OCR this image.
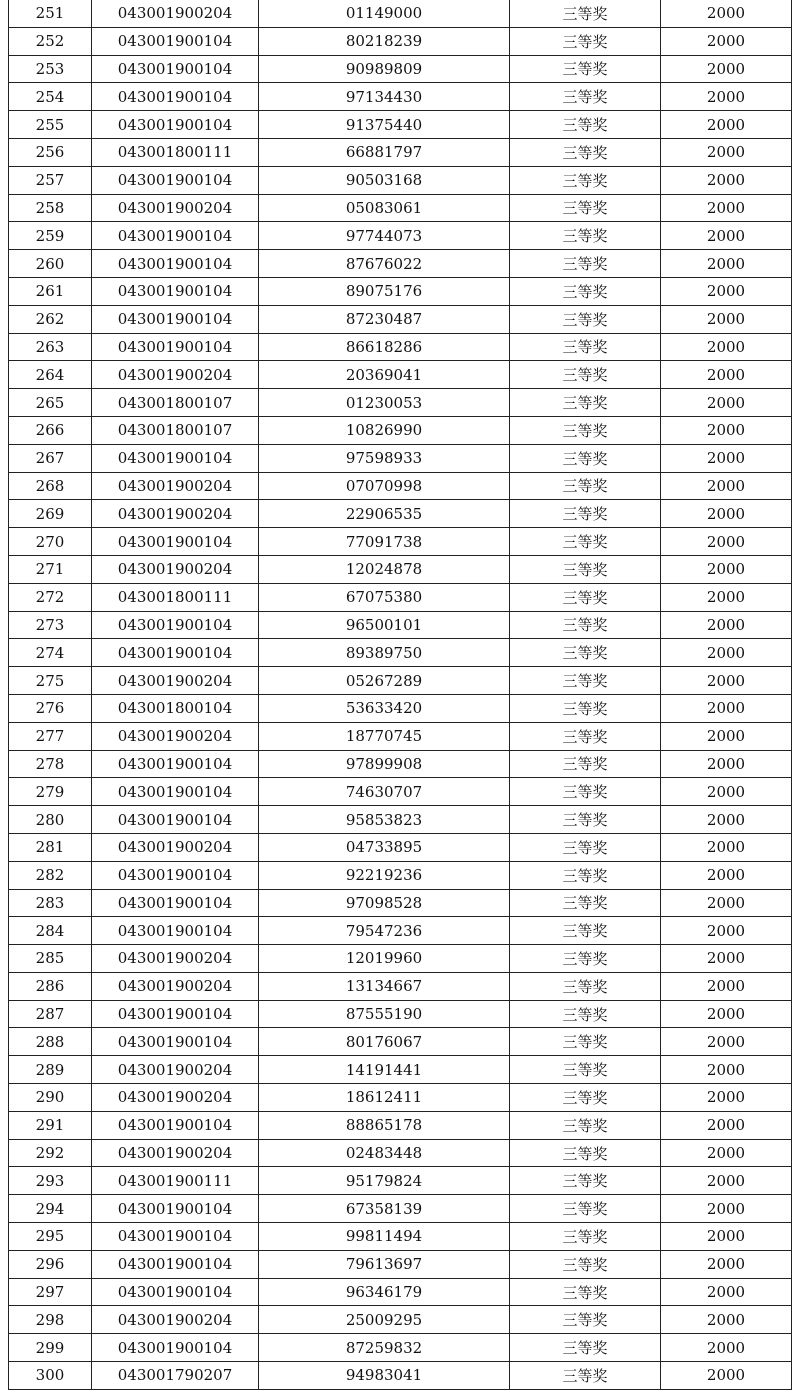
251	043001900204	01149000	三等奖	2000
252	043001900104	80218239	三等奖	2000
253	043001900104	90989809	三等奖	2000
254	043001900104	97134430	三等奖	2000
255	043001900104	91375440	三等奖	2000
256	043001800111	66881797	三等奖	2000
257	043001900104	90503168	三等奖	2000
258	043001900204	05083061	三等奖	2000
259	043001900104	97744073	三等奖	2000
260	043001900104	87676022	三等奖	2000
261	043001900104	89075176	三等奖	2000
262	043001900104	87230487	三等奖	2000
263	043001900104	86618286	三等奖	2000
264	043001900204	20369041	三等奖	2000
265	043001800107	01230053	三等奖	2000
266	043001800107	10826990	三等奖	2000
267	043001900104	97598933	三等奖	2000
268	043001900204	07070998	三等奖	2000
269	043001900204	22906535	三等奖	2000
270	043001900104	77091738	三等奖	2000
271	043001900204	12024878	三等奖	2000
272	043001800111	67075380	三等奖	2000
273	043001900104	96500101	三等奖	2000
274	043001900104	89389750	三等奖	2000
275	043001900204	05267289	三等奖	2000
276	043001800104	53633420	三等奖	2000
277	043001900204	18770745	三等奖	2000
278	043001900104	97899908	三等奖	2000
279	043001900104	74630707	三等奖	2000
280	043001900104	95853823	三等奖	2000
281	043001900204	04733895	三等奖	2000
282	043001900104	92219236	三等奖	2000
283	043001900104	97098528	三等奖	2000
284	043001900104	79547236	三等奖	2000
285	043001900204	12019960	三等奖	2000
286	043001900204	13134667	三等奖	2000
287	043001900104	87555190	三等奖	2000
288	043001900104	80176067	三等奖	2000
289	043001900204	14191441	三等奖	2000
290	043001900204	18612411	三等奖	2000
291	043001900104	88865178	三等奖	2000
292	043001900204	02483448	三等奖	2000
293	043001900111	95179824	三等奖	2000
294	043001900104	67358139	三等奖	2000
295	043001900104	99811494	三等奖	2000
296	043001900104	79613697	三等奖	2000
297	043001900104	96346179	三等奖	2000
298	043001900204	25009295	三等奖	2000
299	043001900104	87259832	三等奖	2000
300	043001790207	94983041	三等奖	2000
